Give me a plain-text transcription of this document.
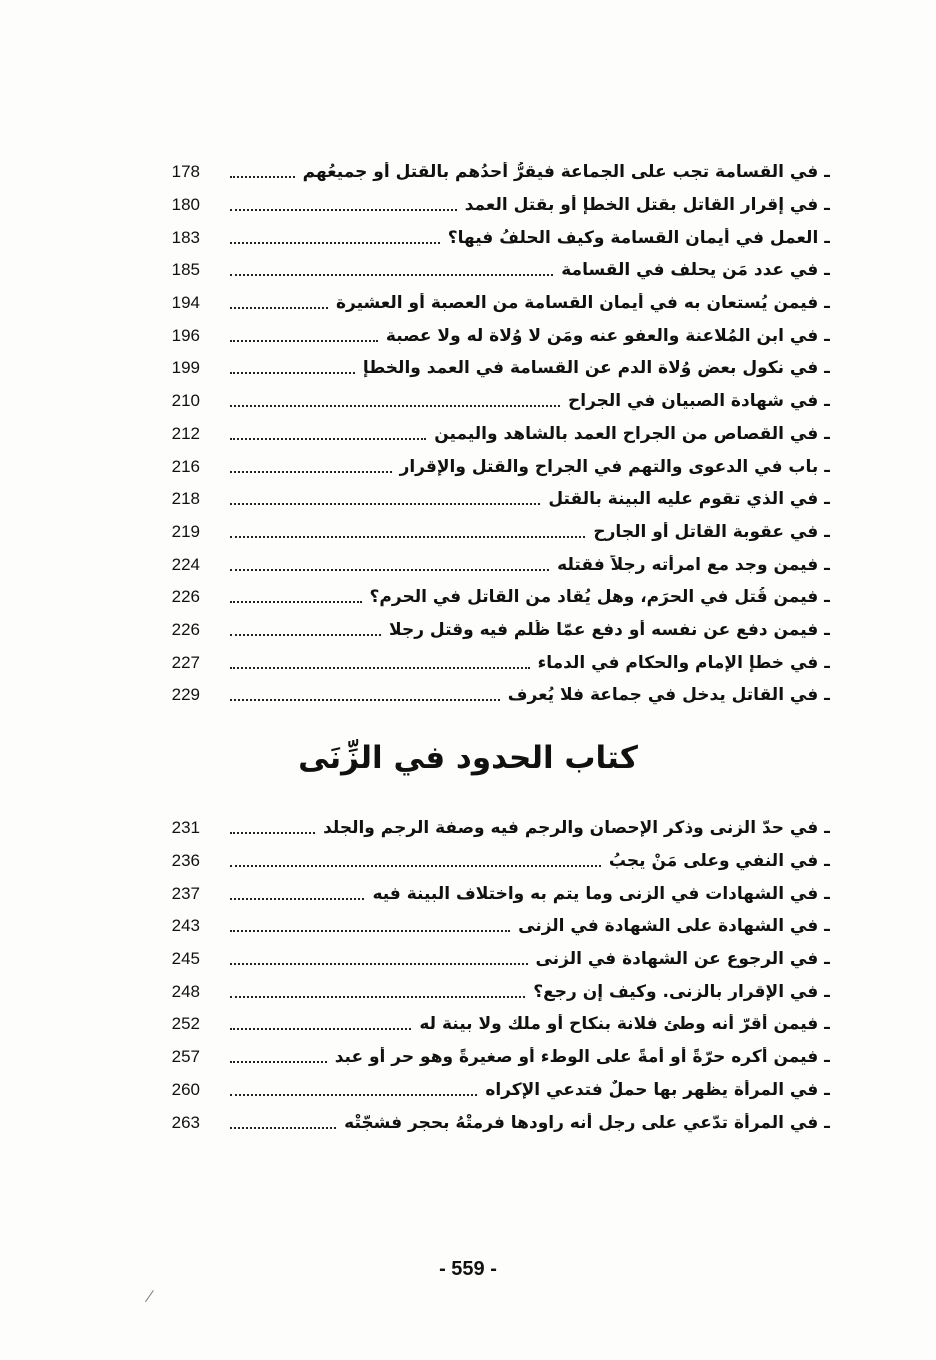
178	ـ في القسامة تجب على الجماعة فيقرُّ أحدُهم بالقتل أو جميعُهم
180	ـ في إقرار القاتل بقتل الخطإ أو بقتل العمد
183	ـ العمل في أيمان القسامة وكيف الحلفُ فيها؟
185	ـ في عدد مَن يحلف في القسامة
194	ـ فيمن يُستعان به في أيمان القسامة من العصبة أو العشيرة
196	ـ في ابن المُلاعنة والعفو عنه ومَن لا وُلاة له ولا عصبة
199	ـ في نكول بعض وُلاة الدم عن القسامة في العمد والخطإ
210	ـ في شهادة الصبيان في الجراح
212	ـ في القصاص من الجراح العمد بالشاهد واليمين
216	ـ باب في الدعوى والتهم في الجراح والقتل والإقرار
218	ـ في الذي تقوم عليه البينة بالقتل
219	ـ في عقوبة القاتل أو الجارح
224	ـ فيمن وجد مع امرأته رجلاً فقتله
226	ـ فيمن قُتل في الحرَم، وهل يُقاد من القاتل في الحرم؟
226	ـ فيمن دفع عن نفسه أو دفع عمّا ظُلم فيه وقتل رجلا
227	ـ في خطإ الإمام والحكام في الدماء
229	ـ في القاتل يدخل في جماعة فلا يُعرف
كتاب الحدود في الزِّنَى
231	ـ في حدّ الزنى وذكر الإحصان والرجم فيه وصفة الرجم والجلد
236	ـ في النفي وعلى مَنْ يجبُ
237	ـ في الشهادات في الزنى وما يتم به واختلاف البينة فيه
243	ـ في الشهادة على الشهادة في الزنى
245	ـ في الرجوع عن الشهادة في الزنى
248	ـ في الإقرار بالزنى. وكيف إن رجع؟
252	ـ فيمن أقرّ أنه وطئ فلانة بنكاح أو ملك ولا بينة له
257	ـ فيمن أكره حرّةً أو أمةً على الوطء أو صغيرةً وهو حر أو عبد
260	ـ في المرأة يظهر بها حملٌ فتدعي الإكراه
263	ـ في المرأة تدّعي على رجل أنه راودها فرمتْهُ بحجر فشجّتْه
- 559 -
